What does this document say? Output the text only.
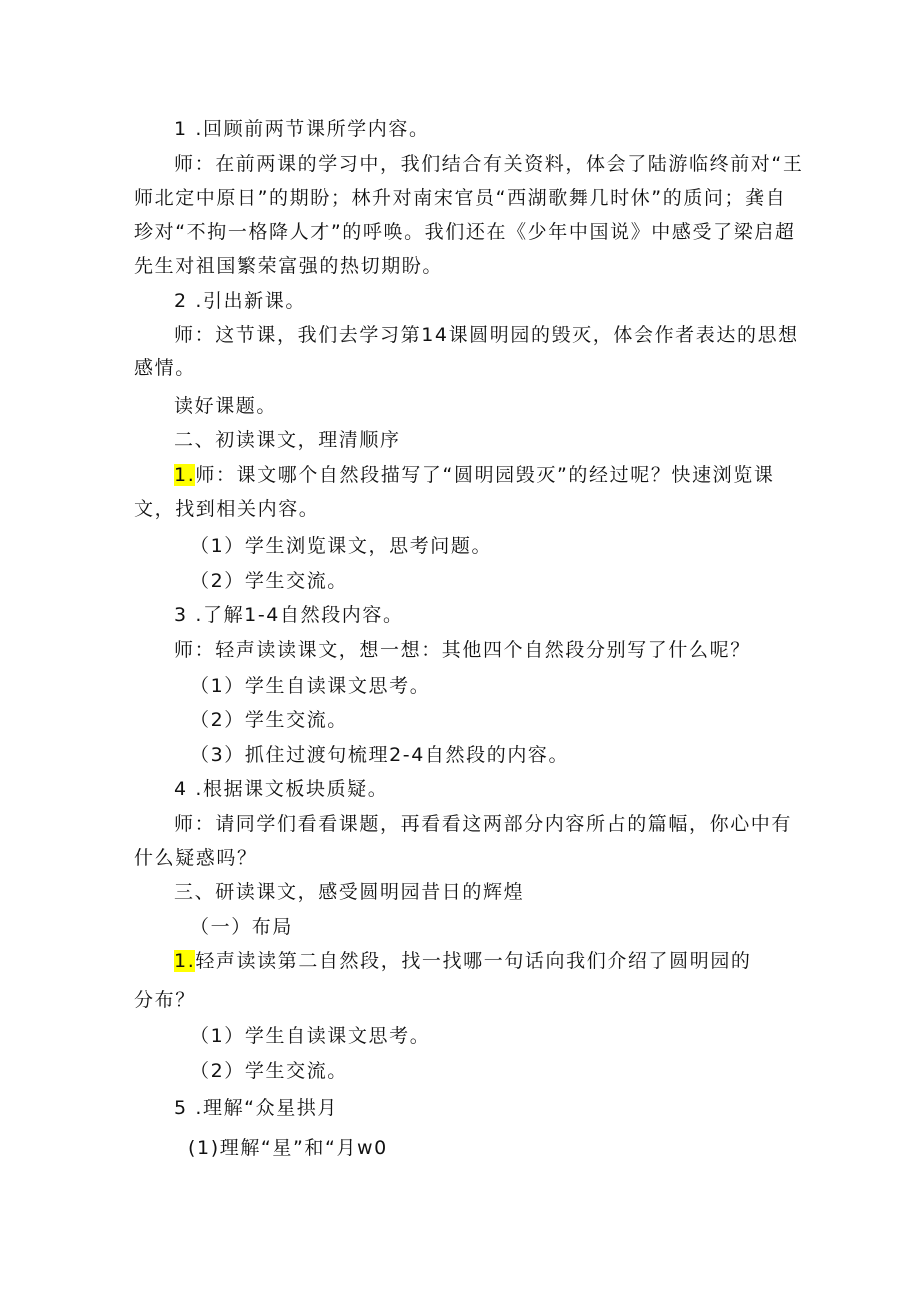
1 .回顾前两节课所学内容。

师：在前两课的学习中，我们结合有关资料，体会了陆游临终前对“王

师北定中原日”的期盼；林升对南宋官员“西湖歌舞几时休”的质问；龚自

珍对“不拘一格降人才”的呼唤。我们还在《少年中国说》中感受了梁启超

先生对祖国繁荣富强的热切期盼。

2 .引出新课。

师：这节课，我们去学习第14课圆明园的毁灭，体会作者表达的思想

感情。

读好课题。

二、初读课文，理清顺序

1.师：课文哪个自然段描写了“圆明园毁灭”的经过呢？快速浏览课

文，找到相关内容。

（1）学生浏览课文，思考问题。

（2）学生交流。

3 .了解1-4自然段内容。

师：轻声读读课文，想一想：其他四个自然段分别写了什么呢？

（1）学生自读课文思考。

（2）学生交流。

（3）抓住过渡句梳理2-4自然段的内容。

4 .根据课文板块质疑。

师：请同学们看看课题，再看看这两部分内容所占的篇幅，你心中有

什么疑惑吗？

三、研读课文，感受圆明园昔日的辉煌

（一）布局

1.轻声读读第二自然段，找一找哪一句话向我们介绍了圆明园的

分布？

（1）学生自读课文思考。

（2）学生交流。

5 .理解“众星拱月

(1)理解“星”和“月w0
